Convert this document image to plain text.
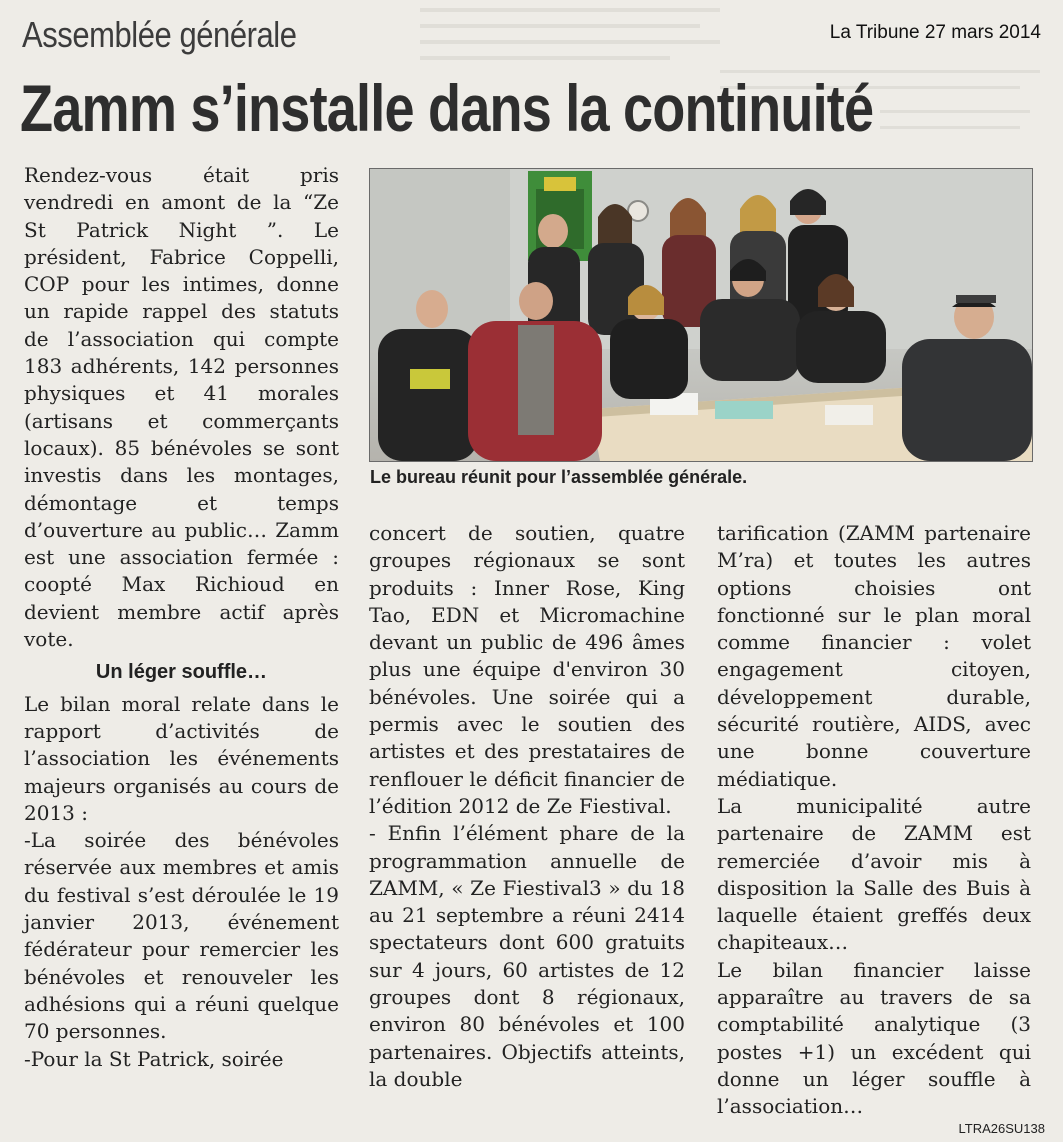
Assemblée générale	La Tribune 27 mars 2014
Zamm s’installe dans la continuité
Le bureau réunit pour l’assemblée générale.

Rendez-vous était pris vendredi en amont de la “Ze St Patrick Night ”. Le président, Fabrice Coppelli, COP pour les intimes, donne un rapide rappel des statuts de l’association qui compte 183 adhérents, 142 personnes physiques et 41 morales (artisans et commerçants locaux). 85 bénévoles se sont investis dans les montages, démontage et temps d’ouverture au public… Zamm est une association fermée : coopté Max Richioud en devient membre actif après vote.

Un léger souffle…

Le bilan moral relate dans le rapport d’activités de l’association les événements majeurs organisés au cours de 2013 :

-La soirée des bénévoles réservée aux membres et amis du festival s’est déroulée le 19 janvier 2013, événement fédérateur pour remercier les bénévoles et renouveler les adhésions qui a réuni quelque 70 personnes.

-Pour la St Patrick, soirée

concert de soutien, quatre groupes régionaux se sont produits : Inner Rose, King Tao, EDN et Micromachine devant un public de 496 âmes plus une équipe d'environ 30 bénévoles. Une soirée qui a permis avec le soutien des artistes et des prestataires de renflouer le déficit financier de l’édition 2012 de Ze Fiestival.

- Enfin l’élément phare de la programmation annuelle de ZAMM, « Ze Fiestival3 » du 18 au 21 septembre a réuni 2414 spectateurs dont 600 gratuits sur 4 jours, 60 artistes de 12 groupes dont 8 régionaux, environ 80 bénévoles et 100 partenaires. Objectifs atteints, la double

tarification (ZAMM partenaire M’ra) et toutes les autres options choisies ont fonctionné sur le plan moral comme financier : volet engagement citoyen, développement durable, sécurité routière, AIDS, avec une bonne couverture médiatique.

La municipalité autre partenaire de ZAMM est remerciée d’avoir mis à disposition la Salle des Buis à laquelle étaient greffés deux chapiteaux…

Le bilan financier laisse apparaître au travers de sa comptabilité analytique (3 postes +1) un excédent qui donne un léger souffle à l’association…

LTRA26SU138
